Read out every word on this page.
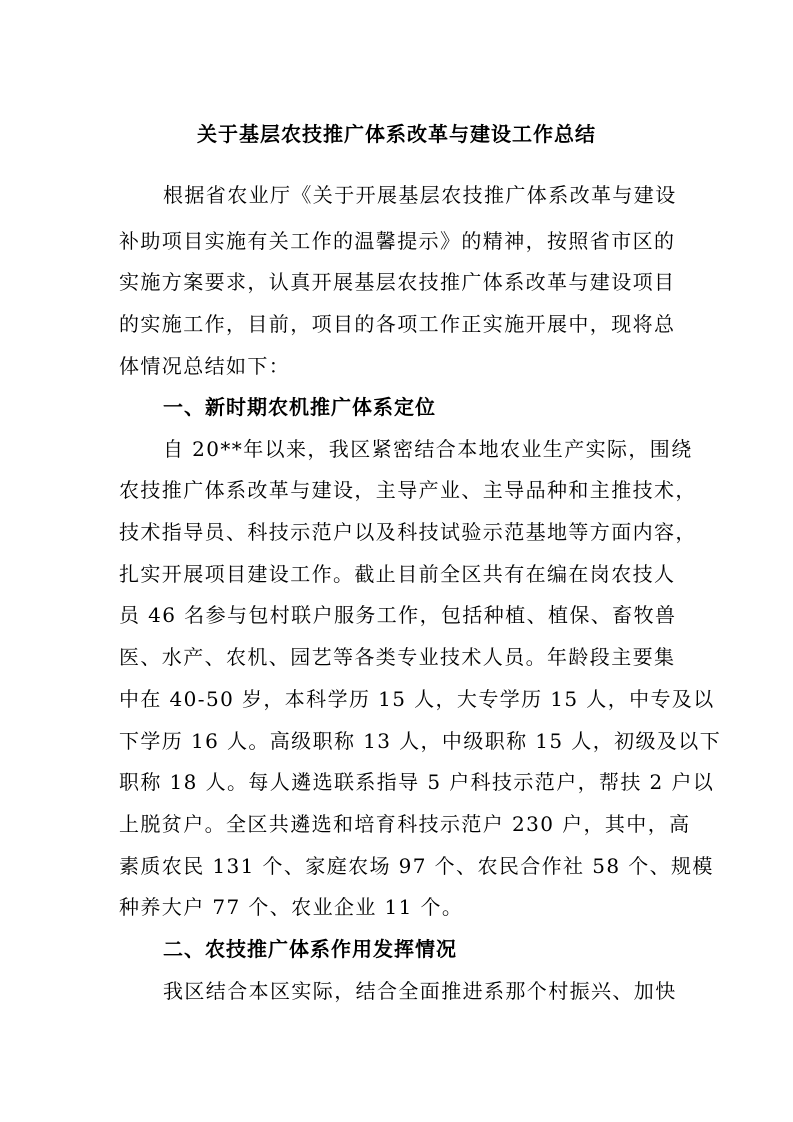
关于基层农技推广体系改革与建设工作总结
根据省农业厅《关于开展基层农技推广体系改革与建设
补助项目实施有关工作的温馨提示》的精神，按照省市区的
实施方案要求，认真开展基层农技推广体系改革与建设项目
的实施工作，目前，项目的各项工作正实施开展中，现将总
体情况总结如下：
一、新时期农机推广体系定位
自 20**年以来，我区紧密结合本地农业生产实际，围绕
农技推广体系改革与建设，主导产业、主导品种和主推技术，
技术指导员、科技示范户以及科技试验示范基地等方面内容，
扎实开展项目建设工作。截止目前全区共有在编在岗农技人
员 46 名参与包村联户服务工作，包括种植、植保、畜牧兽
医、水产、农机、园艺等各类专业技术人员。年龄段主要集
中在 40-50 岁，本科学历 15 人，大专学历 15 人，中专及以
下学历 16 人。高级职称 13 人，中级职称 15 人，初级及以下
职称 18 人。每人遴选联系指导 5 户科技示范户，帮扶 2 户以
上脱贫户。全区共遴选和培育科技示范户 230 户，其中，高
素质农民 131 个、家庭农场 97 个、农民合作社 58 个、规模
种养大户 77 个、农业企业 11 个。
二、农技推广体系作用发挥情况
我区结合本区实际，结合全面推进系那个村振兴、加快
